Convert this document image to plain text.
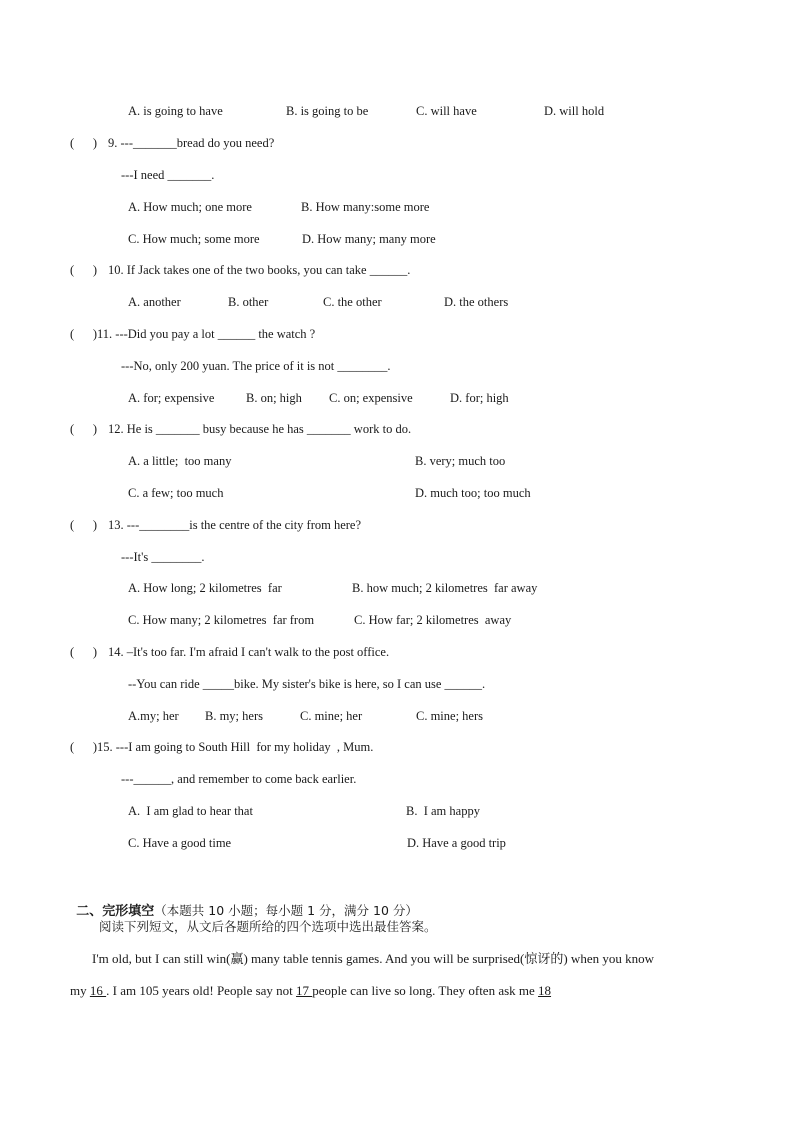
A. is going to have	B. is going to be	C. will have	D. will hold
(      ) 9. ---_______bread do you need?
---I need _______.
A. How much; one more	B. How many:some more
C. How much; some more	D. How many; many more
(      ) 10. If Jack takes one of the two books, you can take ______.
A. another	B. other	C. the other	D. the others
(      ) 11. ---Did you pay a lot ______ the watch ?
---No, only 200 yuan. The price of it is not ________.
A. for; expensive	B. on; high C. on; expensive	D. for; high
(      ) 12. He is _______ busy because he has _______ work to do.
A. a little;  too many	B. very; much too
C. a few; too much	D. much too; too much
(      ) 13. ---________is the centre of the city from here?
---It's ________.
A. How long; 2 kilometres  far	B. how much; 2 kilometres  far away
C. How many; 2 kilometres  far from	C. How far; 2 kilometres  away
(      ) 14. –It's too far. I'm afraid I can't walk to the post office.
--You can ride _____bike. My sister's bike is here, so I can use ______.
A.my; her B. my; hers	C. mine; her	C. mine; hers
(      ) 15. ---I am going to South Hill  for my holiday  , Mum.
---______, and remember to come back earlier.
A.  I am glad to hear that	B.  I am happy
C. Have a good time	D. Have a good trip

二、完形填空（本题共 10 小题；每小题 1 分，满分 10 分）

阅读下列短文，从文后各题所给的四个选项中选出最佳答案。
I'm old, but I can still win(赢) many table tennis games. And you will be surprised(惊讶的) when you know
my 16 . I am 105 years old! People say not 17 people can live so long. They often ask me 18
